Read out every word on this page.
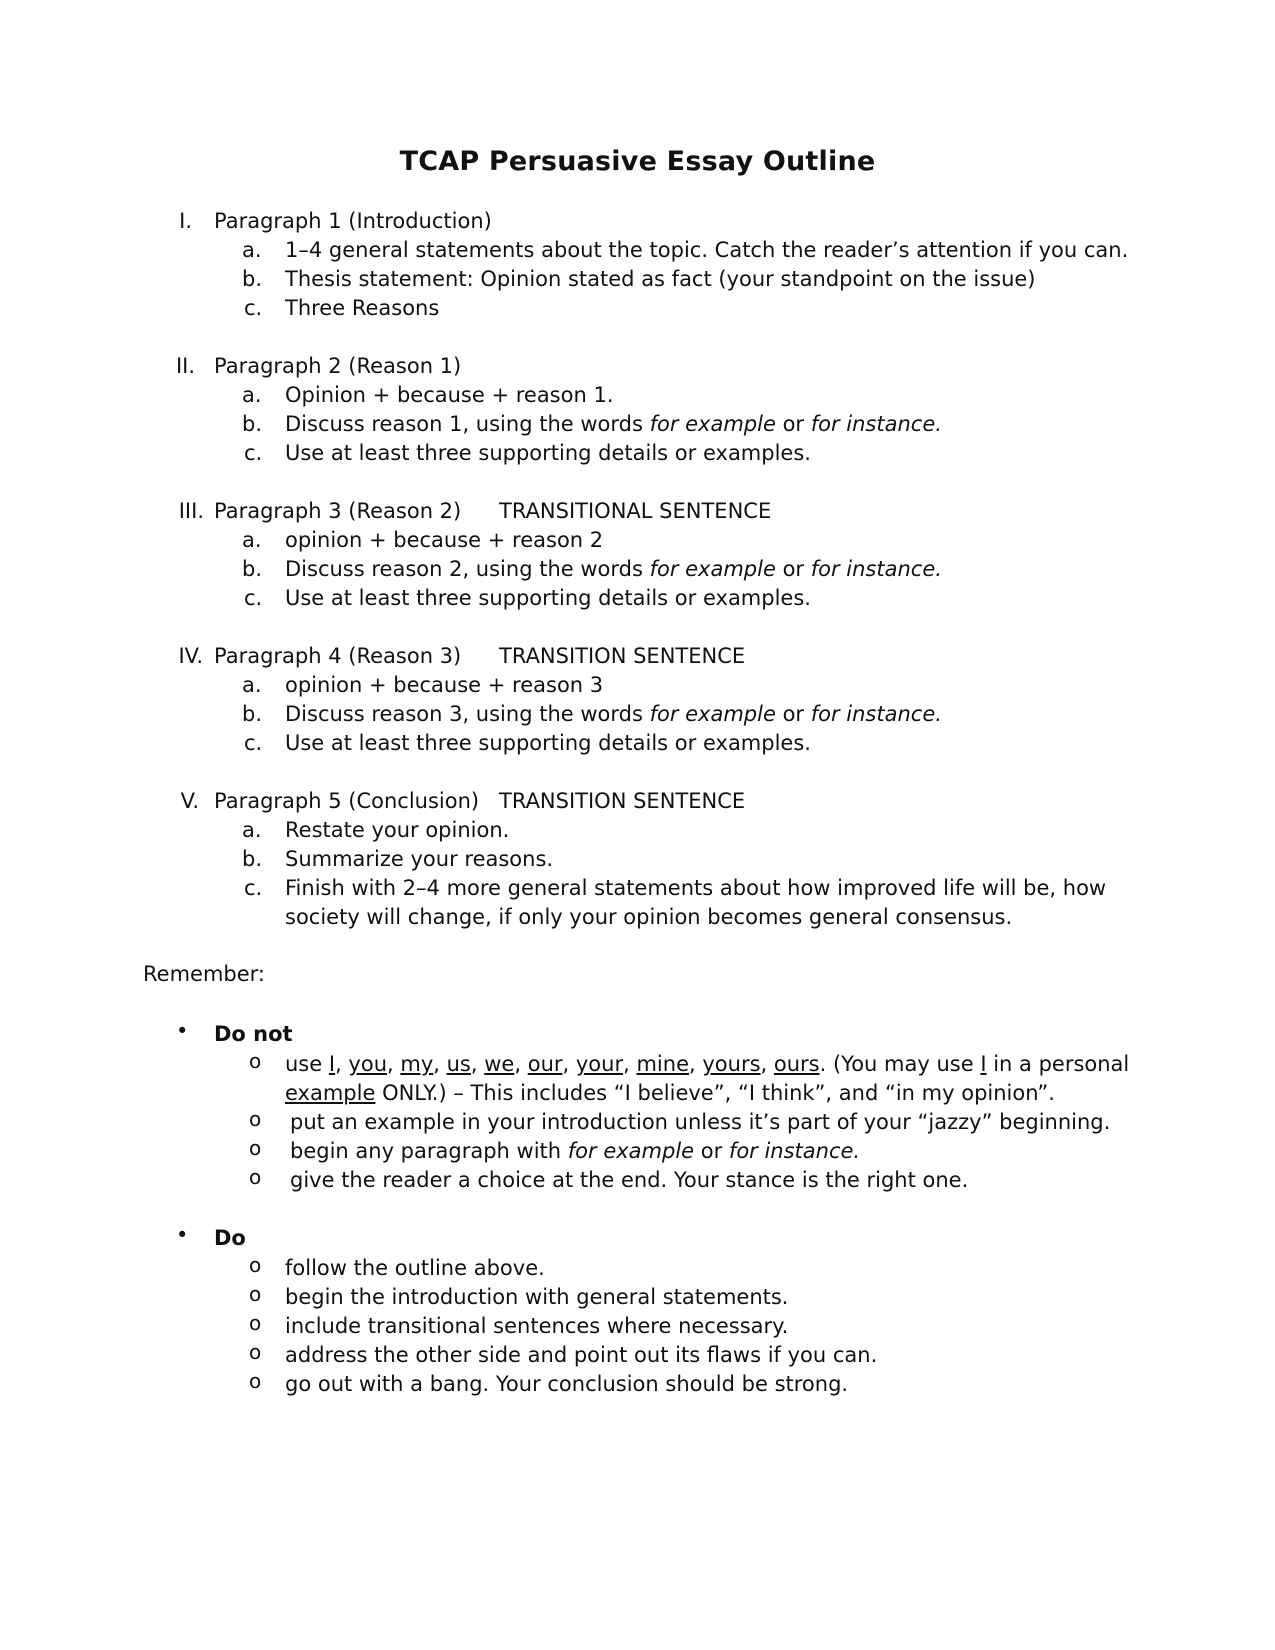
TCAP Persuasive Essay Outline
I. Paragraph 1 (Introduction)
a. 1–4 general statements about the topic. Catch the reader’s attention if you can.
b. Thesis statement: Opinion stated as fact (your standpoint on the issue)
c. Three Reasons
II. Paragraph 2 (Reason 1)
a. Opinion + because + reason 1.
b. Discuss reason 1, using the words for example or for instance.
c. Use at least three supporting details or examples.
III. Paragraph 3 (Reason 2) TRANSITIONAL SENTENCE
a. opinion + because + reason 2
b. Discuss reason 2, using the words for example or for instance.
c. Use at least three supporting details or examples.
IV. Paragraph 4 (Reason 3) TRANSITION SENTENCE
a. opinion + because + reason 3
b. Discuss reason 3, using the words for example or for instance.
c. Use at least three supporting details or examples.
V. Paragraph 5 (Conclusion) TRANSITION SENTENCE
a. Restate your opinion.
b. Summarize your reasons.
c. Finish with 2–4 more general statements about how improved life will be, how
society will change, if only your opinion becomes general consensus.
Remember:
• Do not
o use I, you, my, us, we, our, your, mine, yours, ours. (You may use I in a personal
example ONLY.) – This includes “I believe”, “I think”, and “in my opinion”.
o put an example in your introduction unless it’s part of your “jazzy” beginning.
o begin any paragraph with for example or for instance.
o give the reader a choice at the end. Your stance is the right one.
• Do
o follow the outline above.
o begin the introduction with general statements.
o include transitional sentences where necessary.
o address the other side and point out its flaws if you can.
o go out with a bang. Your conclusion should be strong.
